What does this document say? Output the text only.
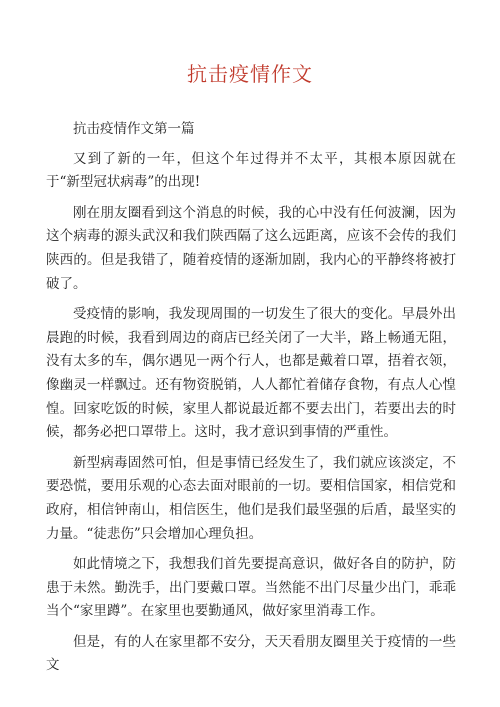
抗击疫情作文

抗击疫情作文第一篇

又到了新的一年，但这个年过得并不太平，其根本原因就在于“新型冠状病毒”的出现!

刚在朋友圈看到这个消息的时候，我的心中没有任何波澜，因为这个病毒的源头武汉和我们陕西隔了这么远距离，应该不会传的我们陕西的。但是我错了，随着疫情的逐渐加剧，我内心的平静终将被打破了。

受疫情的影响，我发现周围的一切发生了很大的变化。早晨外出晨跑的时候，我看到周边的商店已经关闭了一大半，路上畅通无阻，没有太多的车，偶尔遇见一两个行人，也都是戴着口罩，捂着衣领，像幽灵一样飘过。还有物资脱销，人人都忙着储存食物，有点人心惶惶。回家吃饭的时候，家里人都说最近都不要去出门，若要出去的时候，都务必把口罩带上。这时，我才意识到事情的严重性。

新型病毒固然可怕，但是事情已经发生了，我们就应该淡定，不要恐慌，要用乐观的心态去面对眼前的一切。要相信国家，相信党和政府，相信钟南山，相信医生，他们是我们最坚强的后盾，最坚实的力量。“徒悲伤”只会增加心理负担。

如此情境之下，我想我们首先要提高意识，做好各自的防护，防患于未然。勤洗手，出门要戴口罩。当然能不出门尽量少出门，乖乖当个“家里蹲”。在家里也要勤通风，做好家里消毒工作。

但是，有的人在家里都不安分，天天看朋友圈里关于疫情的一些文
